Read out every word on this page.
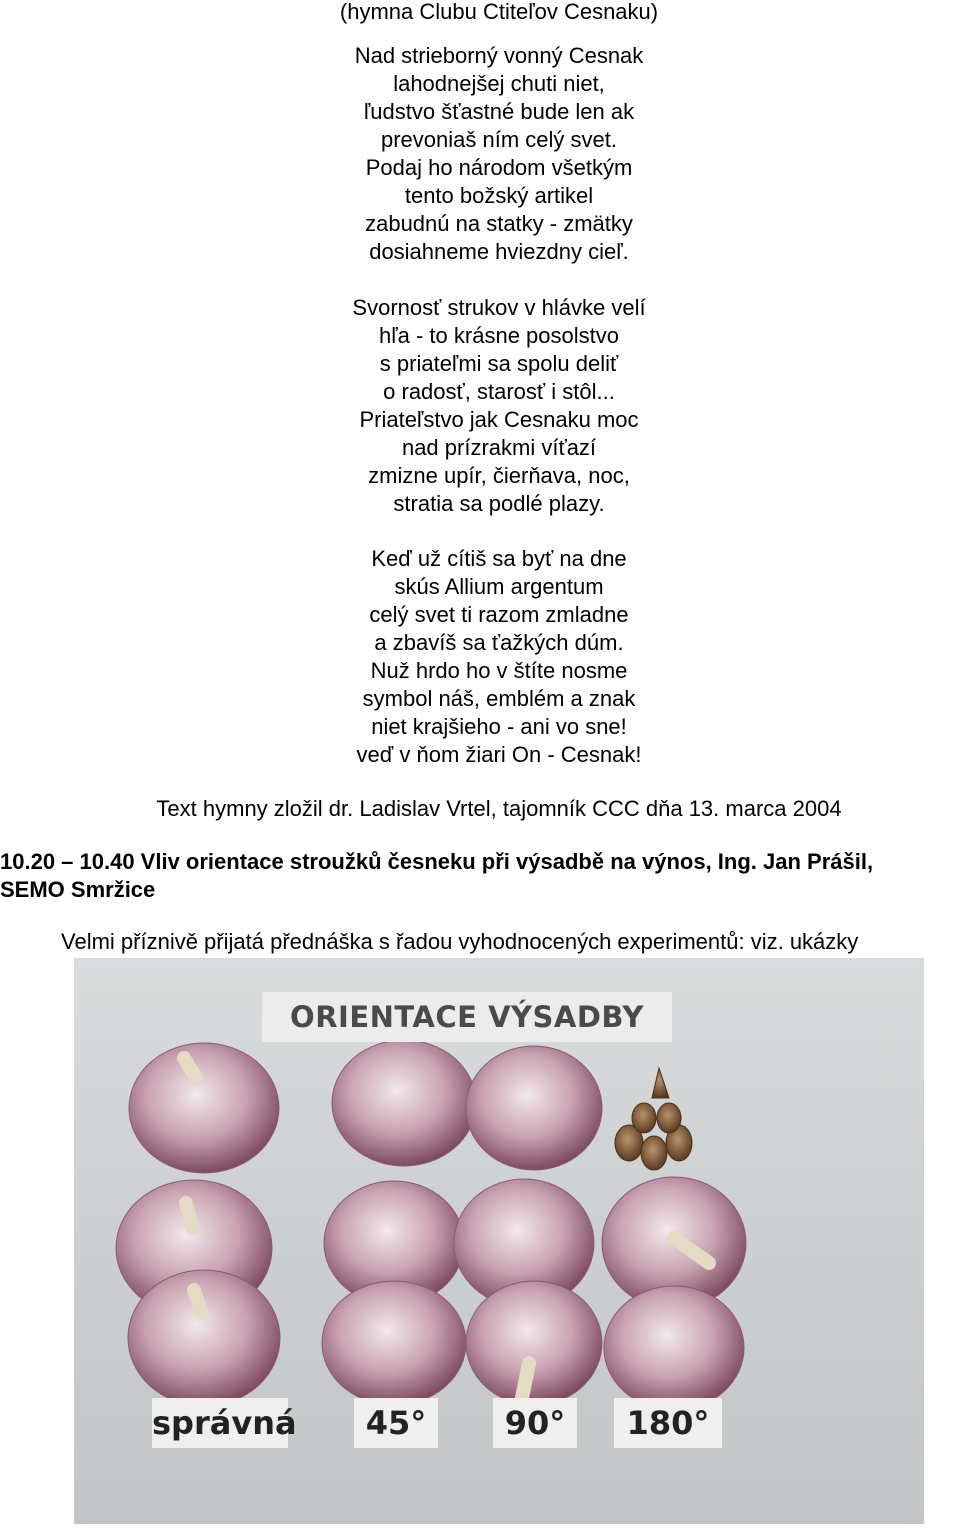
(hymna Clubu Ctiteľov Cesnaku)
Nad strieborný vonný Cesnak
lahodnejšej chuti niet,
ľudstvo šťastné bude len ak
prevoniaš ním celý svet.
Podaj ho národom všetkým
tento božský artikel
zabudnú na statky - zmätky
dosiahneme hviezdny cieľ.
Svornosť strukov v hlávke velí
hľa - to krásne posolstvo
s priateľmi sa spolu deliť
o radosť, starosť i stôl...
Priateľstvo jak Cesnaku moc
nad prízrakmi víťazí
zmizne upír, čierňava, noc,
stratia sa podlé plazy.
Keď už cítiš sa byť na dne
skús Allium argentum
celý svet ti razom zmladne
a zbavíš sa ťažkých dúm.
Nuž hrdo ho v štíte nosme
symbol náš, emblém a znak
niet krajšieho - ani vo sne!
veď v ňom žiari On - Cesnak!
Text hymny zložil dr. Ladislav Vrtel, tajomník CCC dňa 13. marca 2004
10.20 – 10.40 Vliv orientace stroužků česneku při výsadbě na výnos, Ing. Jan Prášil,
SEMO Smržice
Velmi příznivě přijatá přednáška s řadou vyhodnocených experimentů: viz. ukázky
ORIENTACE VÝSADBY
správná	45°	90°	180°
